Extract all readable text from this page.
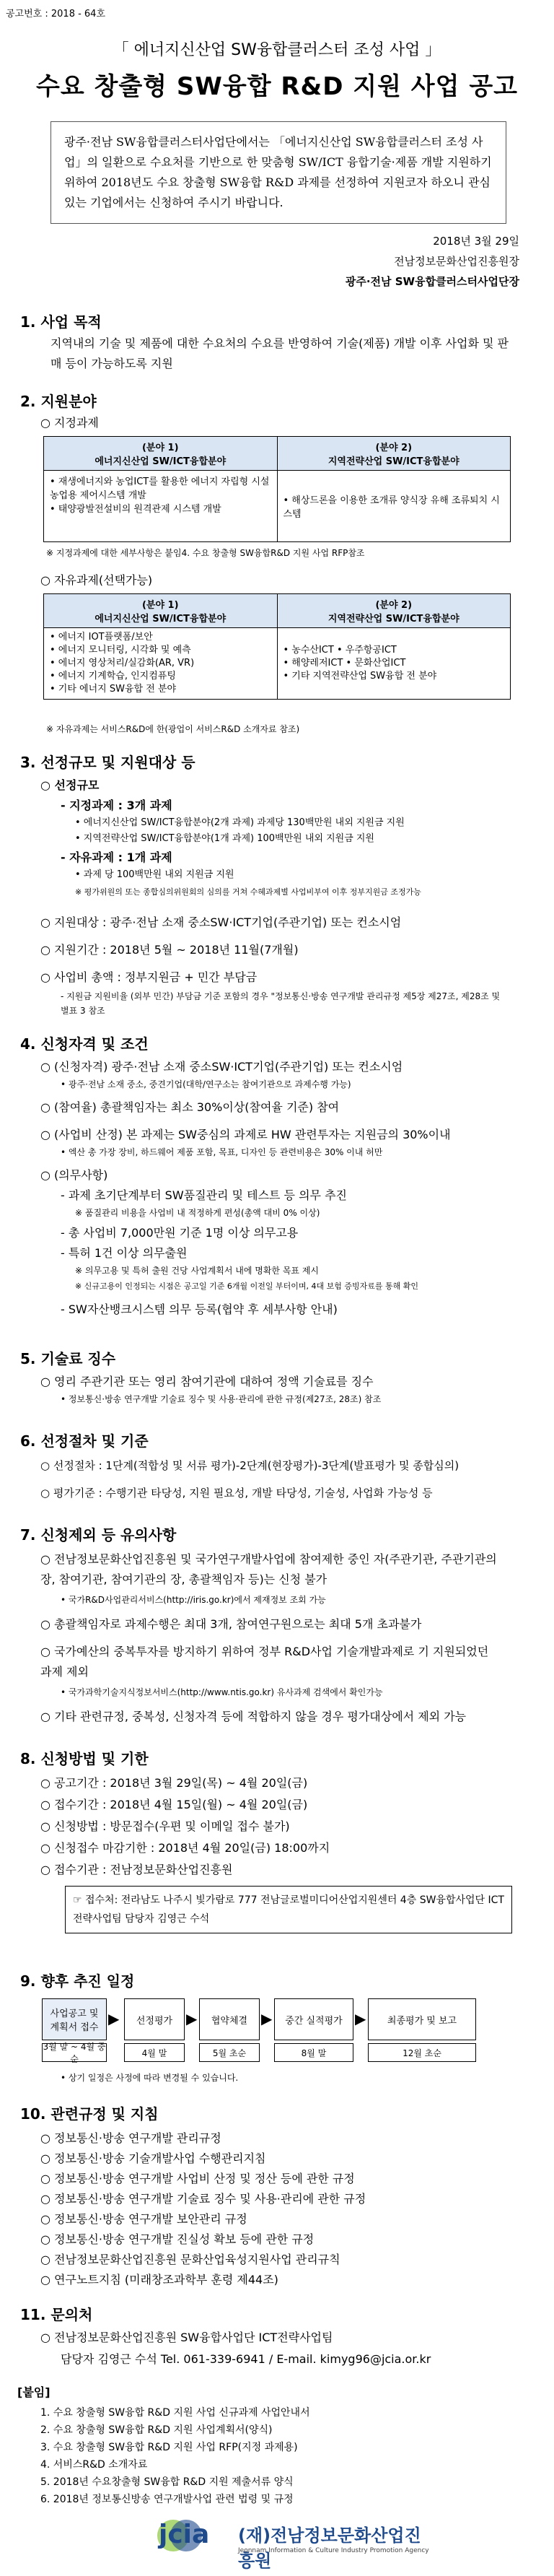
공고번호 : 2018 - 64호
「 에너지신산업 SW융합클러스터 조성 사업 」
수요 창출형 SW융합 R&D 지원 사업 공고
광주·전남 SW융합클러스터사업단에서는 「에너지신산업 SW융합클러스터 조성 사업」의 일환으로 수요처를 기반으로 한 맞춤형 SW/ICT 융합기술·제품 개발 지원하기 위하여 2018년도 수요 창출형 SW융합 R&D 과제를 선정하여 지원코자 하오니 관심 있는 기업에서는 신청하여 주시기 바랍니다.
2018년 3월 29일
전남정보문화산업진흥원장
광주·전남 SW융합클러스터사업단장
1. 사업 목적
지역내의 기술 및 제품에 대한 수요처의 수요를 반영하여 기술(제품) 개발 이후 사업화 및 판매 등이 가능하도록 지원
2. 지원분야
○ 지정과제
(분야 1)
에너지신산업 SW/ICT융합분야	(분야 2)
지역전략산업 SW/ICT융합분야
• 재생에너지와 농업ICT를 활용한 에너지 자립형 시설농업용 제어시스템 개발
• 태양광발전설비의 원격관제 시스템 개발	• 해상드론을 이용한 조개류 양식장 유해 조류퇴치 시스템
※ 지정과제에 대한 세부사항은 붙임4. 수요 창출형 SW융합R&D 지원 사업 RFP참조
○ 자유과제(선택가능)
(분야 1)
에너지신산업 SW/ICT융합분야	(분야 2)
지역전략산업 SW/ICT융합분야
• 에너지 IOT플랫폼/보안
• 에너지 모니터링, 시각화 및 예측
• 에너지 영상처리/실감화(AR, VR)
• 에너지 기계학습, 인지컴퓨팅
• 기타 에너지 SW융합 전 분야	• 농수산ICT • 우주항공ICT
• 해양레저ICT • 문화산업ICT
• 기타 지역전략산업 SW융합 전 분야
※ 자유과제는 서비스R&D에 한(광업이 서비스R&D 소개자료 참조)
3. 선정규모 및 지원대상 등
○ 선정규모
- 지정과제 : 3개 과제
• 에너지신산업 SW/ICT융합분야(2개 과제) 과제당 130백만원 내외 지원금 지원
• 지역전략산업 SW/ICT융합분야(1개 과제) 100백만원 내외 지원금 지원
- 자유과제 : 1개 과제
• 과제 당 100백만원 내외 지원금 지원
※ 평가위원의 또는 종합심의위원회의 심의를 거쳐 수혜과제별 사업비부여 이후 정부지원금 조정가능
○ 지원대상 : 광주·전남 소재 중소SW·ICT기업(주관기업) 또는 컨소시엄
○ 지원기간 : 2018년 5월 ~ 2018년 11월(7개월)
○ 사업비 총액 : 정부지원금 + 민간 부담금
- 지원금 지원비율 (외부 민간) 부담금 기준 포함의 경우 "정보통신·방송 연구개발 관리규정 제5장 제27조, 제28조 및 별표 3 참조
4. 신청자격 및 조건
○ (신청자격) 광주·전남 소재 중소SW·ICT기업(주관기업) 또는 컨소시엄
• 광주·전남 소재 중소, 중견기업(대학/연구소는 참여기관으로 과제수행 가능)
○ (참여율) 총괄책임자는 최소 30%이상(참여율 기준) 참여
○ (사업비 산정) 본 과제는 SW중심의 과제로 HW 관련투자는 지원금의 30%이내
• 엑산 총 가장 장비, 하드웨어 제품 포함, 목표, 디자인 등 관련비용은 30% 이내 허만
○ (의무사항)
- 과제 초기단계부터 SW품질관리 및 테스트 등 의무 추진
※ 품질관리 비용을 사업비 내 적정하게 편성(총액 대비 0% 이상)
- 총 사업비 7,000만원 기준 1명 이상 의무고용
- 특허 1건 이상 의무출원
※ 의무고용 및 특허 출원 건당 사업계획서 내에 명확한 목표 제시
※ 신규고용이 인정되는 시점은 공고일 기준 6개월 이전일 부터이며, 4대 보험 증빙자료를 통해 확인
- SW자산뱅크시스템 의무 등록(협약 후 세부사항 안내)
5. 기술료 징수
○ 영리 주관기관 또는 영리 참여기관에 대하여 정액 기술료를 징수
• 정보통신·방송 연구개발 기술료 징수 및 사용·관리에 관한 규정(제27조, 28조) 참조
6. 선정절차 및 기준
○ 선정절차 : 1단계(적합성 및 서류 평가)-2단계(현장평가)-3단계(발표평가 및 종합심의)
○ 평가기준 : 수행기관 타당성, 지원 필요성, 개발 타당성, 기술성, 사업화 가능성 등
7. 신청제외 등 유의사항
○ 전남정보문화산업진흥원 및 국가연구개발사업에 참여제한 중인 자(주관기관, 주관기관의 장, 참여기관, 참여기관의 장, 총괄책임자 등)는 신청 불가
• 국가R&D사업관리서비스(http://iris.go.kr)에서 제재정보 조회 가능
○ 총괄책임자로 과제수행은 최대 3개, 참여연구원으로는 최대 5개 초과불가
○ 국가예산의 중복투자를 방지하기 위하여 정부 R&D사업 기술개발과제로 기 지원되었던 과제 제외
• 국가과학기술지식정보서비스(http://www.ntis.go.kr) 유사과제 검색에서 확인가능
○ 기타 관련규정, 중복성, 신청자격 등에 적합하지 않을 경우 평가대상에서 제외 가능
8. 신청방법 및 기한
○ 공고기간 : 2018년 3월 29일(목) ~ 4월 20일(금)
○ 접수기간 : 2018년 4월 15일(월) ~ 4월 20일(금)
○ 신청방법 : 방문접수(우편 및 이메일 접수 불가)
○ 신청접수 마감기한 : 2018년 4월 20일(금) 18:00까지
○ 접수기관 : 전남정보문화산업진흥원
☞ 접수처: 전라남도 나주시 빛가람로 777 전남글로벌미디어산업지원센터 4층 SW융합사업단 ICT전략사업팀 담당자 김영근 수석
9. 향후 추진 일정
사업공고 및
계획서 접수
3월 말 ~ 4월 중순
▶	선정평가
4월 말
▶	협약체결
5월 초순
▶	중간 실적평가
8월 말
▶	최종평가 및 보고
12월 초순
• 상기 일정은 사정에 따라 변경될 수 있습니다.
10. 관련규정 및 지침
○ 정보통신·방송 연구개발 관리규정
○ 정보통신·방송 기술개발사업 수행관리지침
○ 정보통신·방송 연구개발 사업비 산정 및 정산 등에 관한 규정
○ 정보통신·방송 연구개발 기술료 징수 및 사용·관리에 관한 규정
○ 정보통신·방송 연구개발 보안관리 규정
○ 정보통신·방송 연구개발 진실성 확보 등에 관한 규정
○ 전남정보문화산업진흥원 문화산업육성지원사업 관리규칙
○ 연구노트지침 (미래창조과학부 훈령 제44조)
11. 문의처
○ 전남정보문화산업진흥원 SW융합사업단 ICT전략사업팀
담당자 김영근 수석 Tel. 061-339-6941 / E-mail. kimyg96@jcia.or.kr
[붙임]
1. 수요 창출형 SW융합 R&D 지원 사업 신규과제 사업안내서
2. 수요 창출형 SW융합 R&D 지원 사업계획서(양식)
3. 수요 창출형 SW융합 R&D 지원 사업 RFP(지정 과제용)
4. 서비스R&D 소개자료
5. 2018년 수요창출형 SW융합 R&D 지원 제출서류 양식
6. 2018년 정보통신방송 연구개발사업 관련 법령 및 규정
jcia (재)전남정보문화산업진흥원
Jeonnam Information & Culture Industry Promotion Agency
